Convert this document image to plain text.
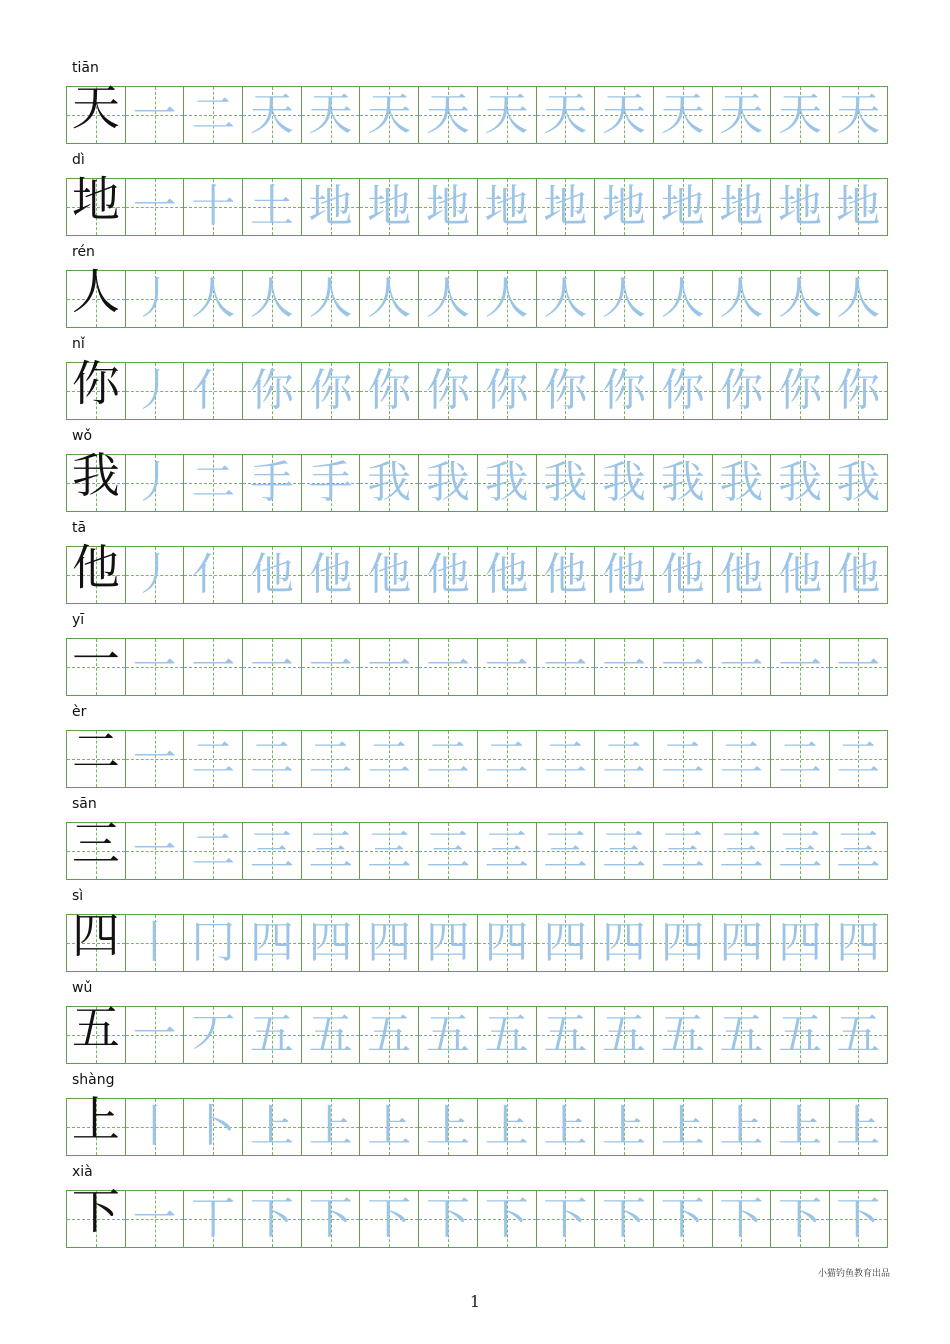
tiān
天 一 二 天 天 天 天 天 天 天 天 天 天 天
dì
地 一 十 土 地 地 地 地 地 地 地 地 地 地
rén
人 丿 人 人 人 人 人 人 人 人 人 人 人 人
nǐ
你 丿 亻 你 你 你 你 你 你 你 你 你 你 你
wǒ
我 丿 二 手 手 我 我 我 我 我 我 我 我 我
tā
他 丿 亻 他 他 他 他 他 他 他 他 他 他 他
yī
一 一 一 一 一 一 一 一 一 一 一 一 一 一
èr
二 一 二 二 二 二 二 二 二 二 二 二 二 二
sān
三 一 二 三 三 三 三 三 三 三 三 三 三 三
sì
四 丨 冂 四 四 四 四 四 四 四 四 四 四 四
wǔ
五 一 丆 五 五 五 五 五 五 五 五 五 五 五
shàng
上 丨 卜 上 上 上 上 上 上 上 上 上 上 上
xià
下 一 丅 下 下 下 下 下 下 下 下 下 下 下
小猫钓鱼教育出品
1
